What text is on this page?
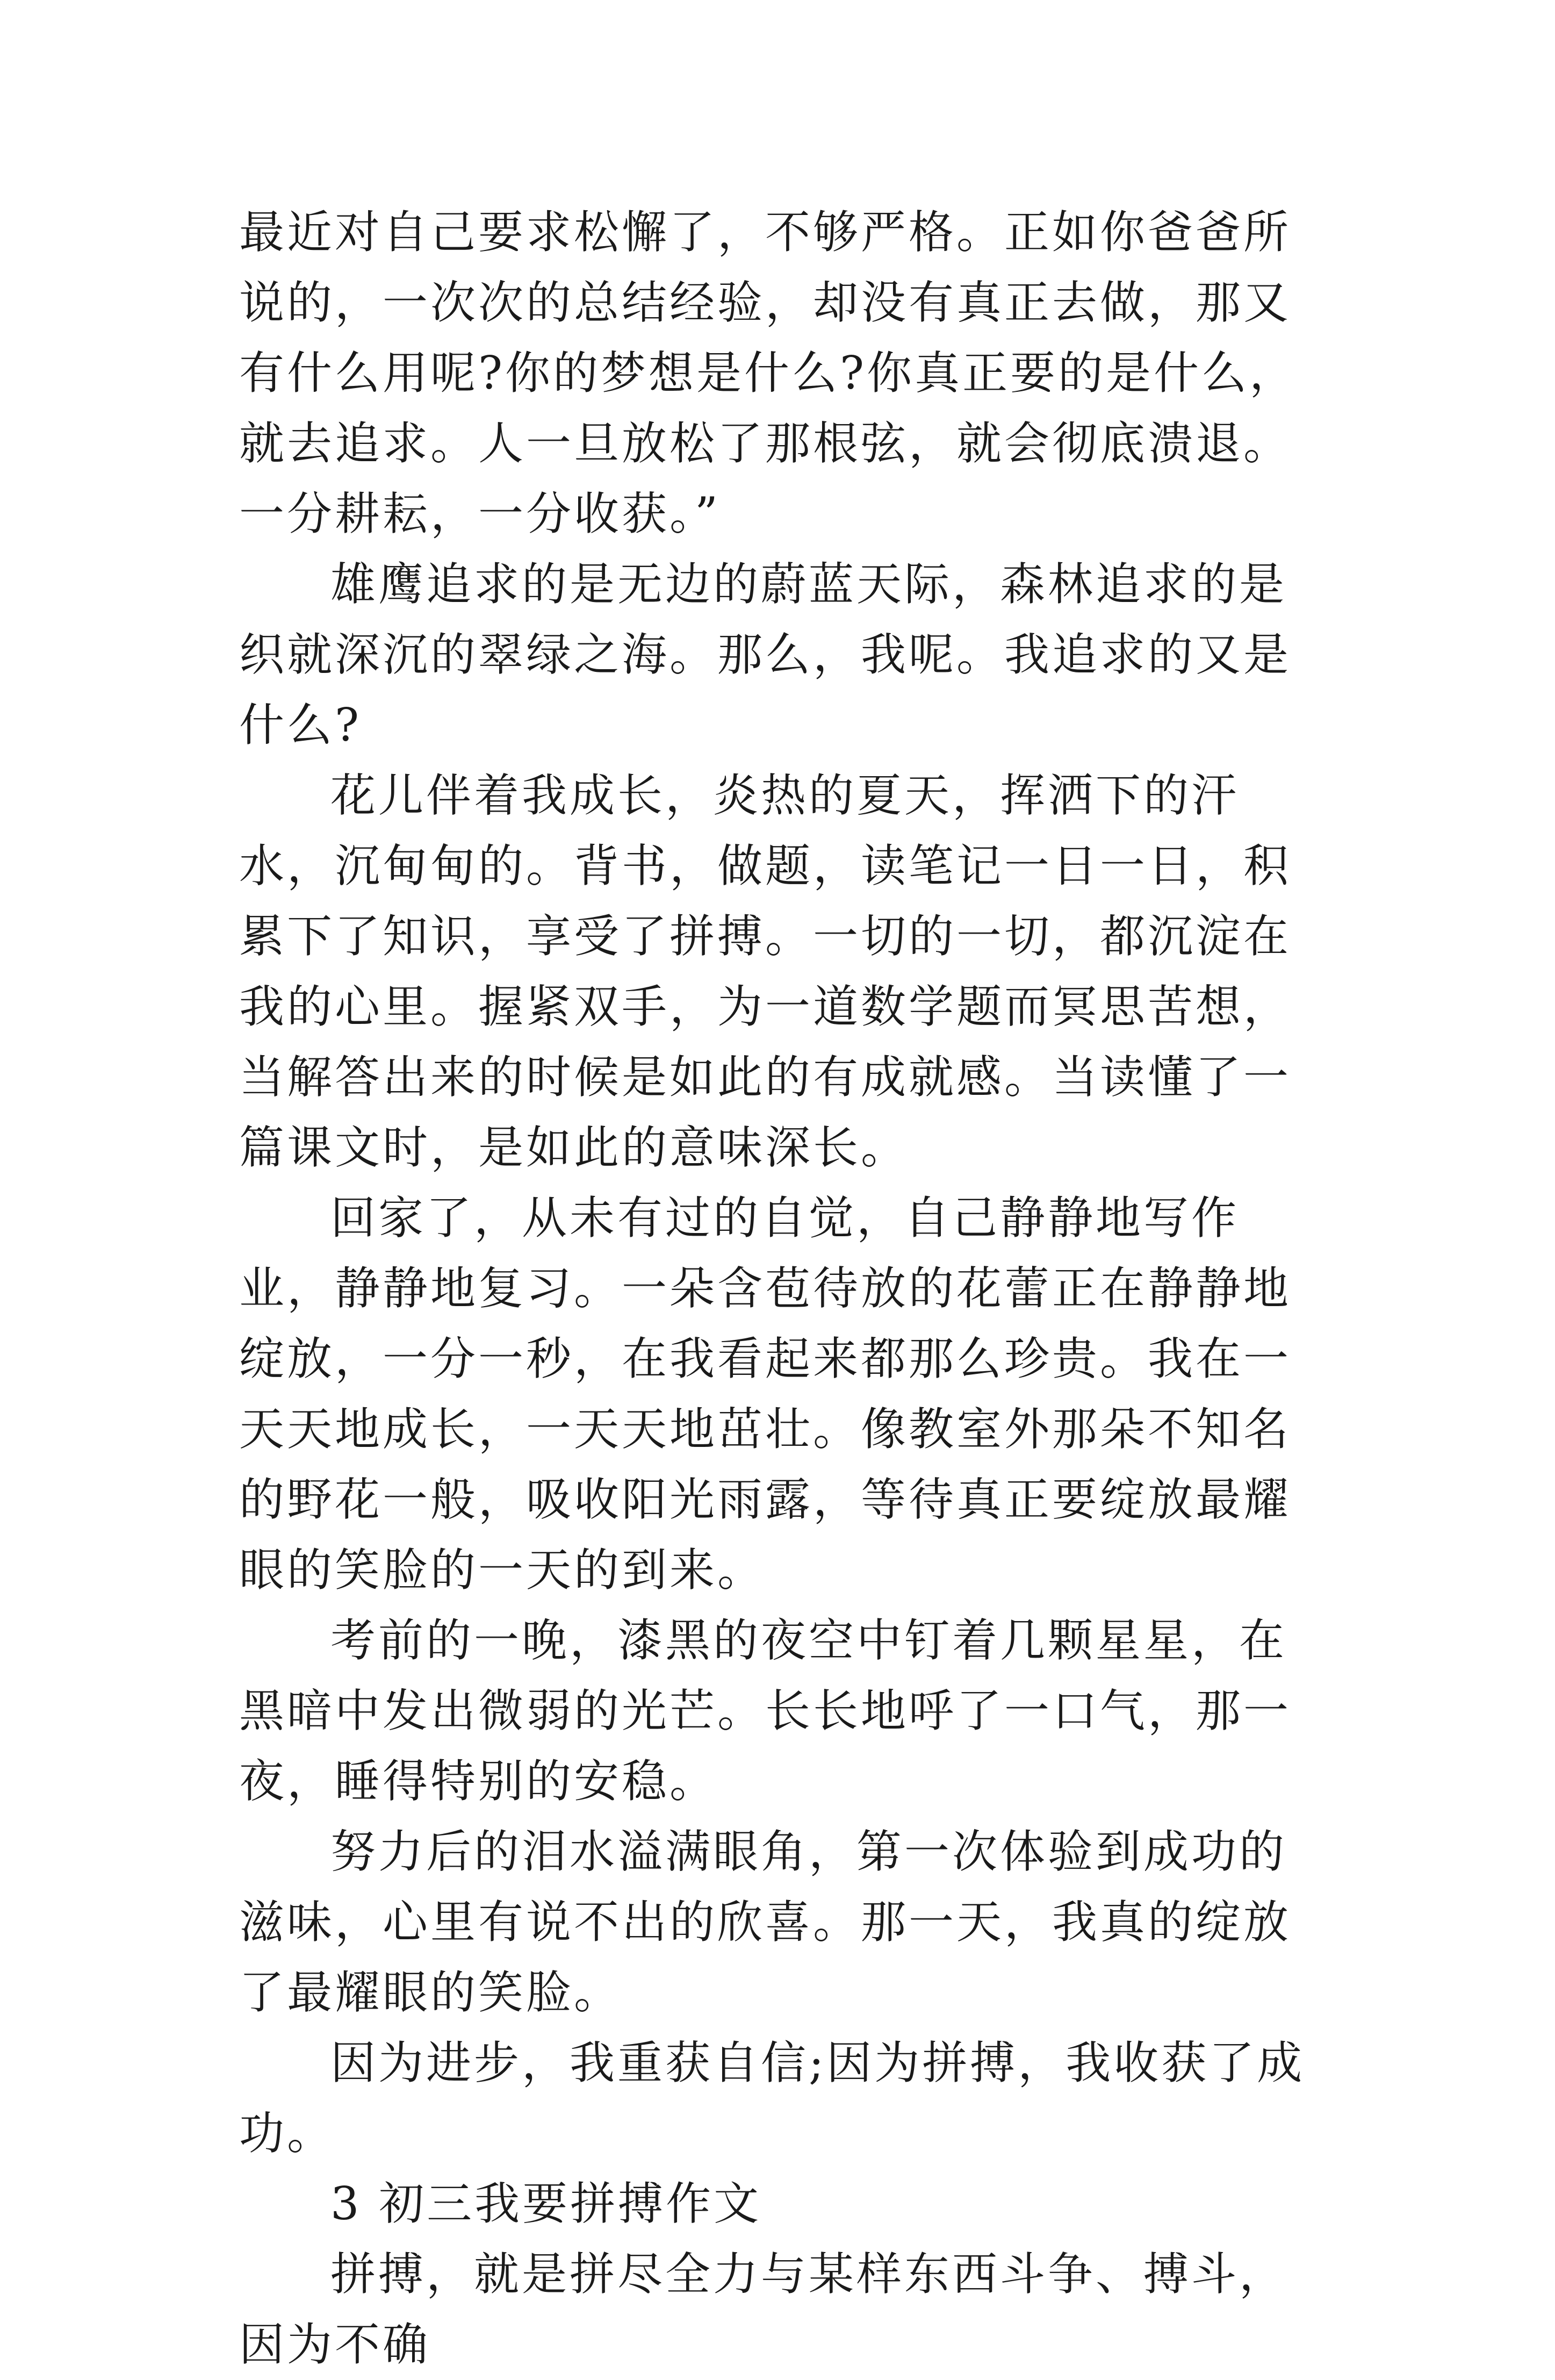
最近对自己要求松懈了，不够严格。正如你爸爸所说的，一次次的总结经验，却没有真正去做，那又有什么用呢?你的梦想是什么?你真正要的是什么，就去追求。人一旦放松了那根弦，就会彻底溃退。一分耕耘，一分收获。”

雄鹰追求的是无边的蔚蓝天际，森林追求的是织就深沉的翠绿之海。那么，我呢。我追求的又是什么?

花儿伴着我成长，炎热的夏天，挥洒下的汗水，沉甸甸的。背书，做题，读笔记一日一日，积累下了知识，享受了拼搏。一切的一切，都沉淀在我的心里。握紧双手，为一道数学题而冥思苦想，当解答出来的时候是如此的有成就感。当读懂了一篇课文时，是如此的意味深长。

回家了，从未有过的自觉，自己静静地写作业，静静地复习。一朵含苞待放的花蕾正在静静地绽放，一分一秒，在我看起来都那么珍贵。我在一天天地成长，一天天地茁壮。像教室外那朵不知名的野花一般，吸收阳光雨露，等待真正要绽放最耀眼的笑脸的一天的到来。

考前的一晚，漆黑的夜空中钉着几颗星星，在黑暗中发出微弱的光芒。长长地呼了一口气，那一夜，睡得特别的安稳。

努力后的泪水溢满眼角，第一次体验到成功的滋味，心里有说不出的欣喜。那一天，我真的绽放了最耀眼的笑脸。

因为进步，我重获自信;因为拼搏，我收获了成功。

3 初三我要拼搏作文

拼搏，就是拼尽全力与某样东西斗争、搏斗，因为不确
